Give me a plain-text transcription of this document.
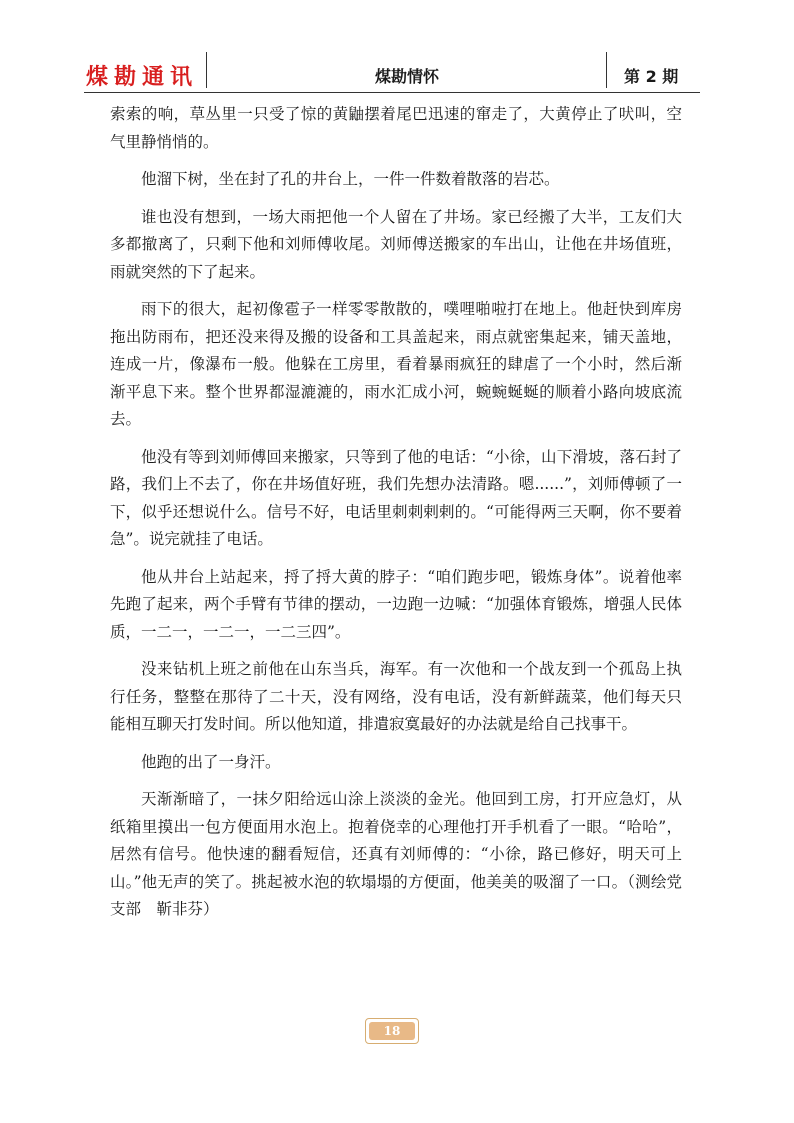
煤勘通讯	煤勘情怀	第 2 期

索索的响，草丛里一只受了惊的黄鼬摆着尾巴迅速的窜走了，大黄停止了吠叫，空气里静悄悄的。

他溜下树，坐在封了孔的井台上，一件一件数着散落的岩芯。

谁也没有想到，一场大雨把他一个人留在了井场。家已经搬了大半，工友们大多都撤离了，只剩下他和刘师傅收尾。刘师傅送搬家的车出山，让他在井场值班，雨就突然的下了起来。

雨下的很大，起初像雹子一样零零散散的，噗哩啪啦打在地上。他赶快到库房拖出防雨布，把还没来得及搬的设备和工具盖起来，雨点就密集起来，铺天盖地，连成一片，像瀑布一般。他躲在工房里，看着暴雨疯狂的肆虐了一个小时，然后渐渐平息下来。整个世界都湿漉漉的，雨水汇成小河，蜿蜿蜒蜒的顺着小路向坡底流去。

他没有等到刘师傅回来搬家，只等到了他的电话：“小徐，山下滑坡，落石封了路，我们上不去了，你在井场值好班，我们先想办法清路。嗯......”，刘师傅顿了一下，似乎还想说什么。信号不好，电话里刺刺剌剌的。“可能得两三天啊，你不要着急”。说完就挂了电话。

他从井台上站起来，捋了捋大黄的脖子：“咱们跑步吧，锻炼身体”。说着他率先跑了起来，两个手臂有节律的摆动，一边跑一边喊：“加强体育锻炼，增强人民体质，一二一，一二一，一二三四”。

没来钻机上班之前他在山东当兵，海军。有一次他和一个战友到一个孤岛上执行任务，整整在那待了二十天，没有网络，没有电话，没有新鲜蔬菜，他们每天只能相互聊天打发时间。所以他知道，排遣寂寞最好的办法就是给自己找事干。

他跑的出了一身汗。

天渐渐暗了，一抹夕阳给远山涂上淡淡的金光。他回到工房，打开应急灯，从纸箱里摸出一包方便面用水泡上。抱着侥幸的心理他打开手机看了一眼。“哈哈”，居然有信号。他快速的翻看短信，还真有刘师傅的：“小徐，路已修好，明天可上山。”他无声的笑了。挑起被水泡的软塌塌的方便面，他美美的吸溜了一口。（测绘党支部　靳非芬）

18
